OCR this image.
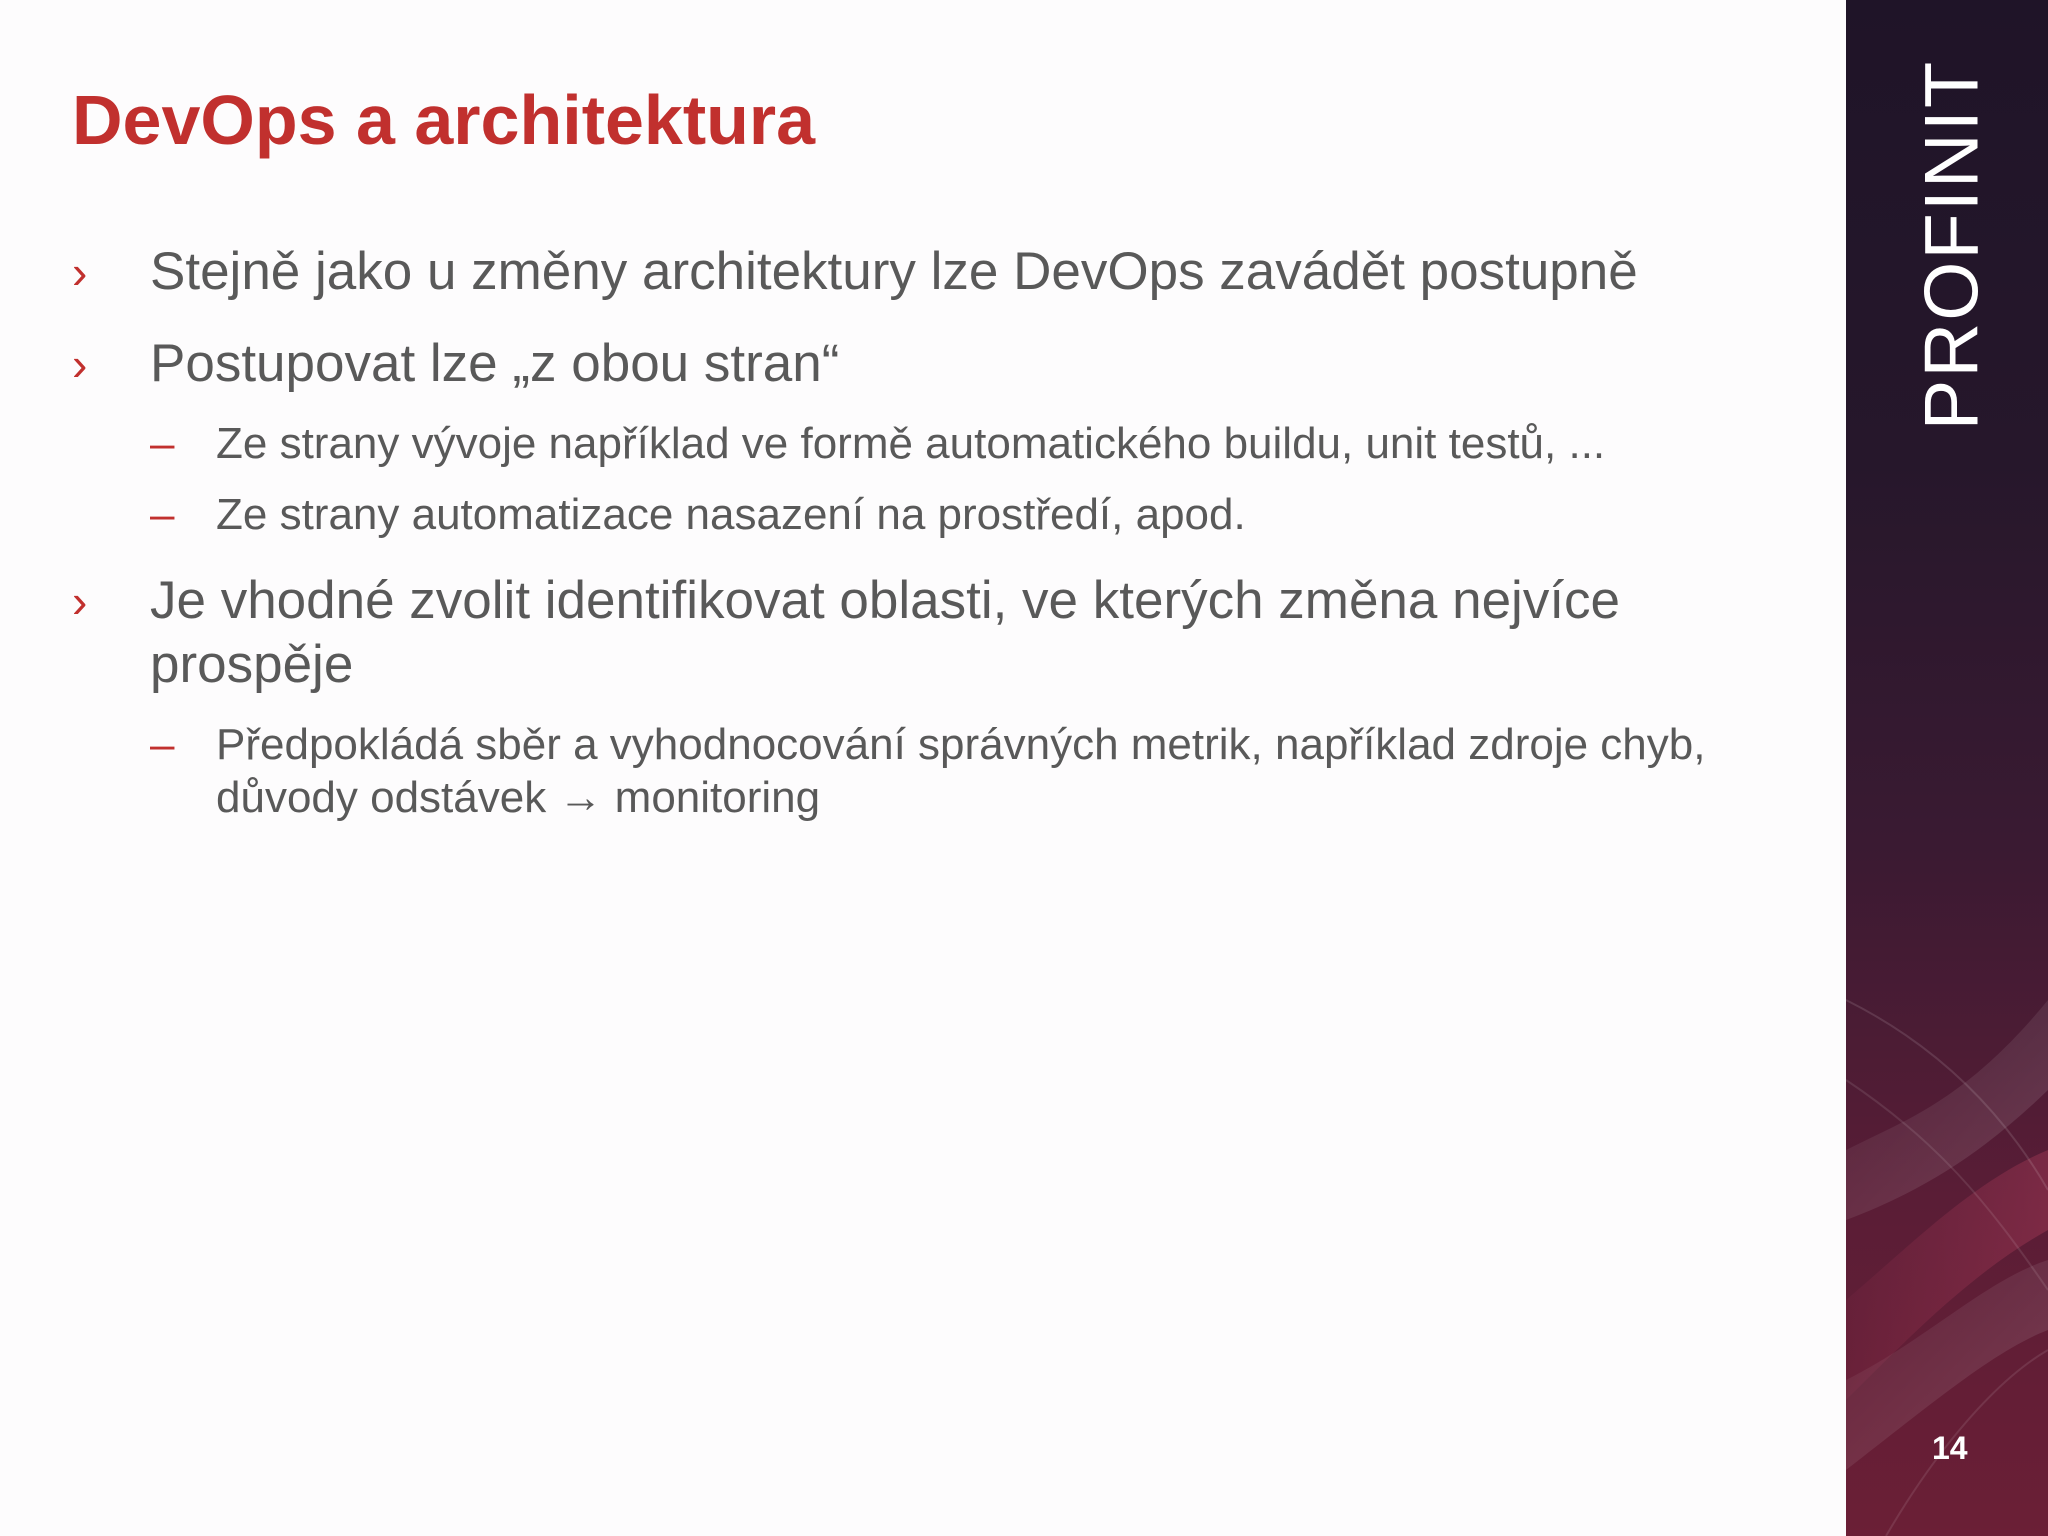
DevOps a architektura
› Stejně jako u změny architektury lze DevOps zavádět postupně
› Postupovat lze „z obou stran“
– Ze strany vývoje například ve formě automatického buildu, unit testů, ...
– Ze strany automatizace nasazení na prostředí, apod.
› Je vhodné zvolit identifikovat oblasti, ve kterých změna nejvíce prospěje
– Předpokládá sběr a vyhodnocování správných metrik, například zdroje chyb, důvody odstávek → monitoring
PROFINIT
14
